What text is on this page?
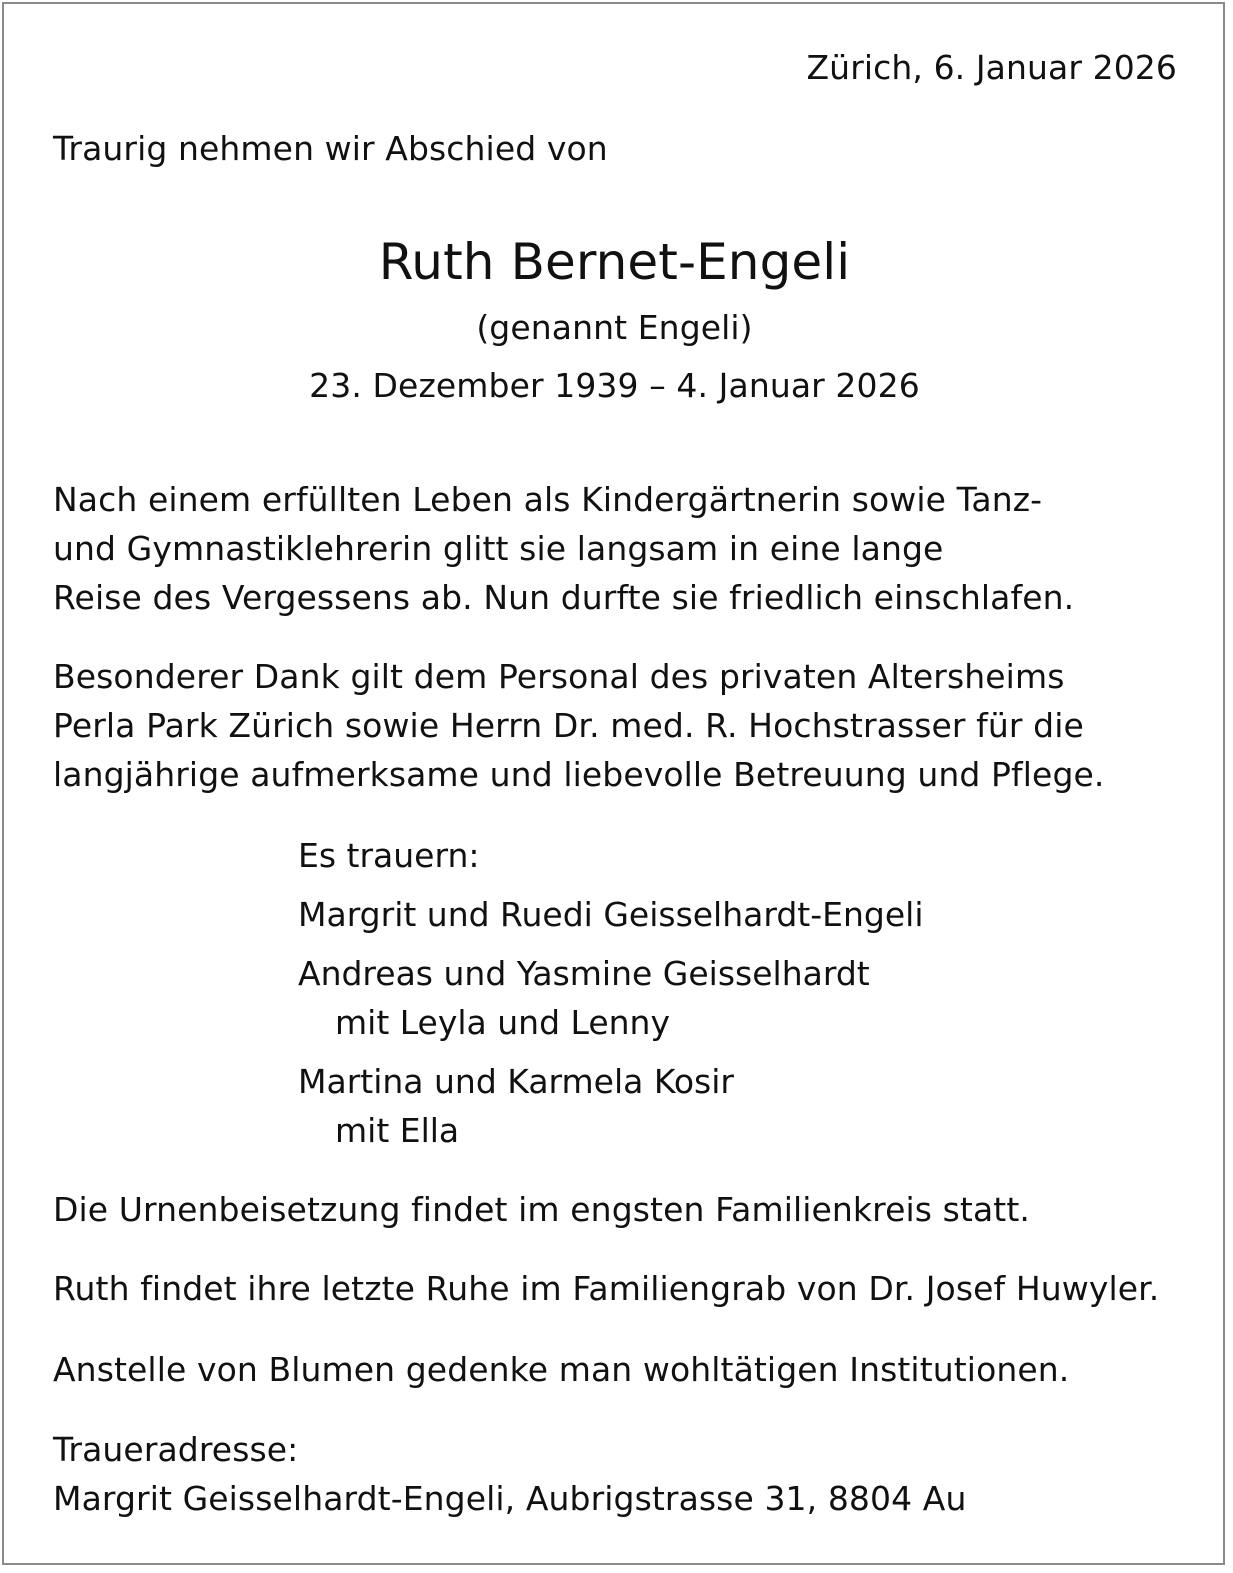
Zürich, 6. Januar 2026

Traurig nehmen wir Abschied von

Ruth Bernet-Engeli

(genannt Engeli)

23. Dezember 1939 – 4. Januar 2026

Nach einem erfüllten Leben als Kindergärtnerin sowie Tanz-
und Gymnastiklehrerin glitt sie langsam in eine lange
Reise des Vergessens ab. Nun durfte sie friedlich einschlafen.

Besonderer Dank gilt dem Personal des privaten Altersheims
Perla Park Zürich sowie Herrn Dr. med. R. Hochstrasser für die
langjährige aufmerksame und liebevolle Betreuung und Pflege.

Es trauern:
Margrit und Ruedi Geisselhardt-Engeli
Andreas und Yasmine Geisselhardt
mit Leyla und Lenny
Martina und Karmela Kosir
mit Ella

Die Urnenbeisetzung findet im engsten Familienkreis statt.

Ruth findet ihre letzte Ruhe im Familiengrab von Dr. Josef Huwyler.

Anstelle von Blumen gedenke man wohltätigen Institutionen.

Traueradresse:

Margrit Geisselhardt-Engeli, Aubrigstrasse 31, 8804 Au
